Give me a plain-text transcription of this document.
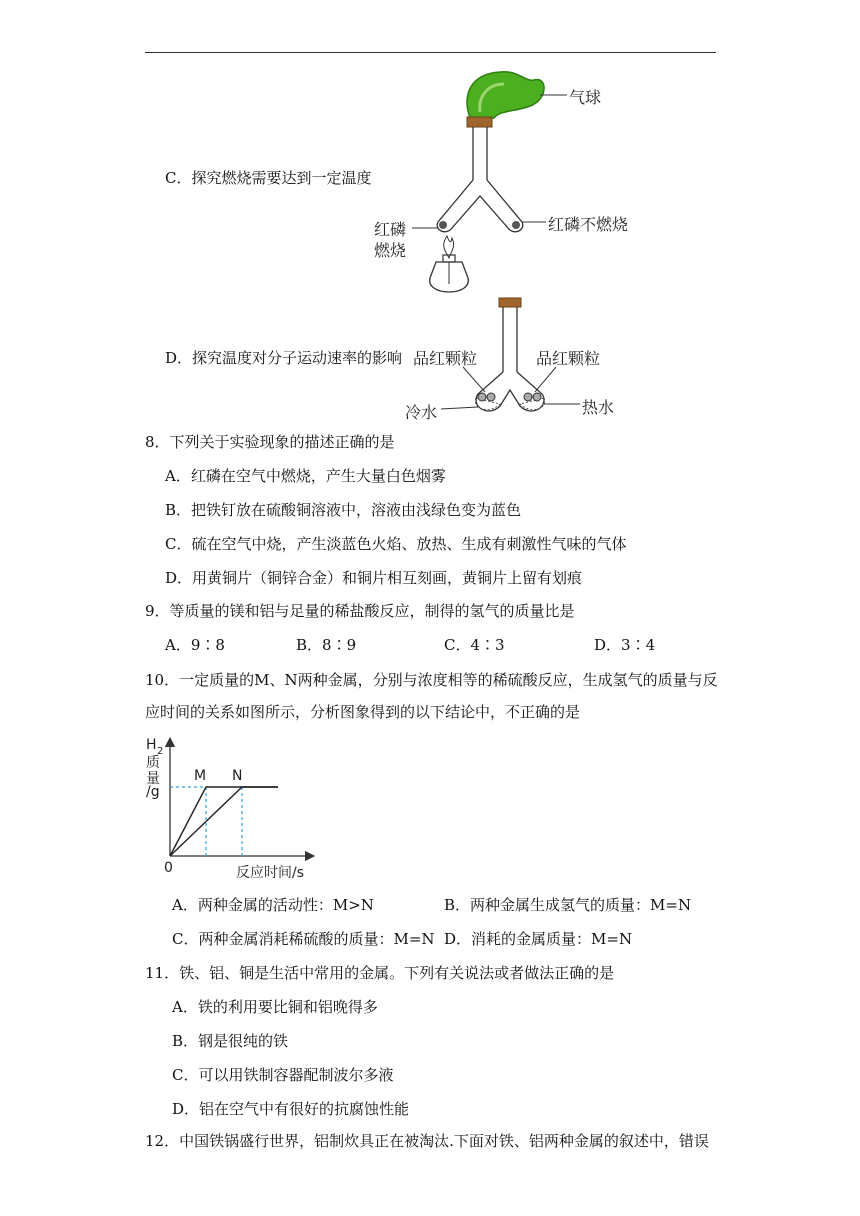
C．探究燃烧需要达到一定温度
气球
红磷
燃烧
红磷不燃烧
D．探究温度对分子运动速率的影响 品红颗粒	品红颗粒
冷水	热水
8．下列关于实验现象的描述正确的是
A．红磷在空气中燃烧，产生大量白色烟雾
B．把铁钉放在硫酸铜溶液中，溶液由浅绿色变为蓝色
C．硫在空气中烧，产生淡蓝色火焰、放热、生成有刺激性气味的气体
D．用黄铜片（铜锌合金）和铜片相互刻画，黄铜片上留有划痕
9．等质量的镁和铝与足量的稀盐酸反应，制得的氢气的质量比是
A．9∶8	B．8∶9	C．4∶3	D．3∶4
10．一定质量的M、N两种金属，分别与浓度相等的稀硫酸反应，生成氢气的质量与反
应时间的关系如图所示，分析图象得到的以下结论中，不正确的是
H 2
质
量
/g
0	反应时间/s
M N
A．两种金属的活动性：M>N	B．两种金属生成氢气的质量：M=N
C．两种金属消耗稀硫酸的质量：M=N D．消耗的金属质量：M=N
11．铁、铝、铜是生活中常用的金属。下列有关说法或者做法正确的是
A．铁的利用要比铜和铝晚得多
B．钢是很纯的铁
C．可以用铁制容器配制波尔多液
D．铝在空气中有很好的抗腐蚀性能
12．中国铁锅盛行世界，铝制炊具正在被淘汰.下面对铁、铝两种金属的叙述中，错误
